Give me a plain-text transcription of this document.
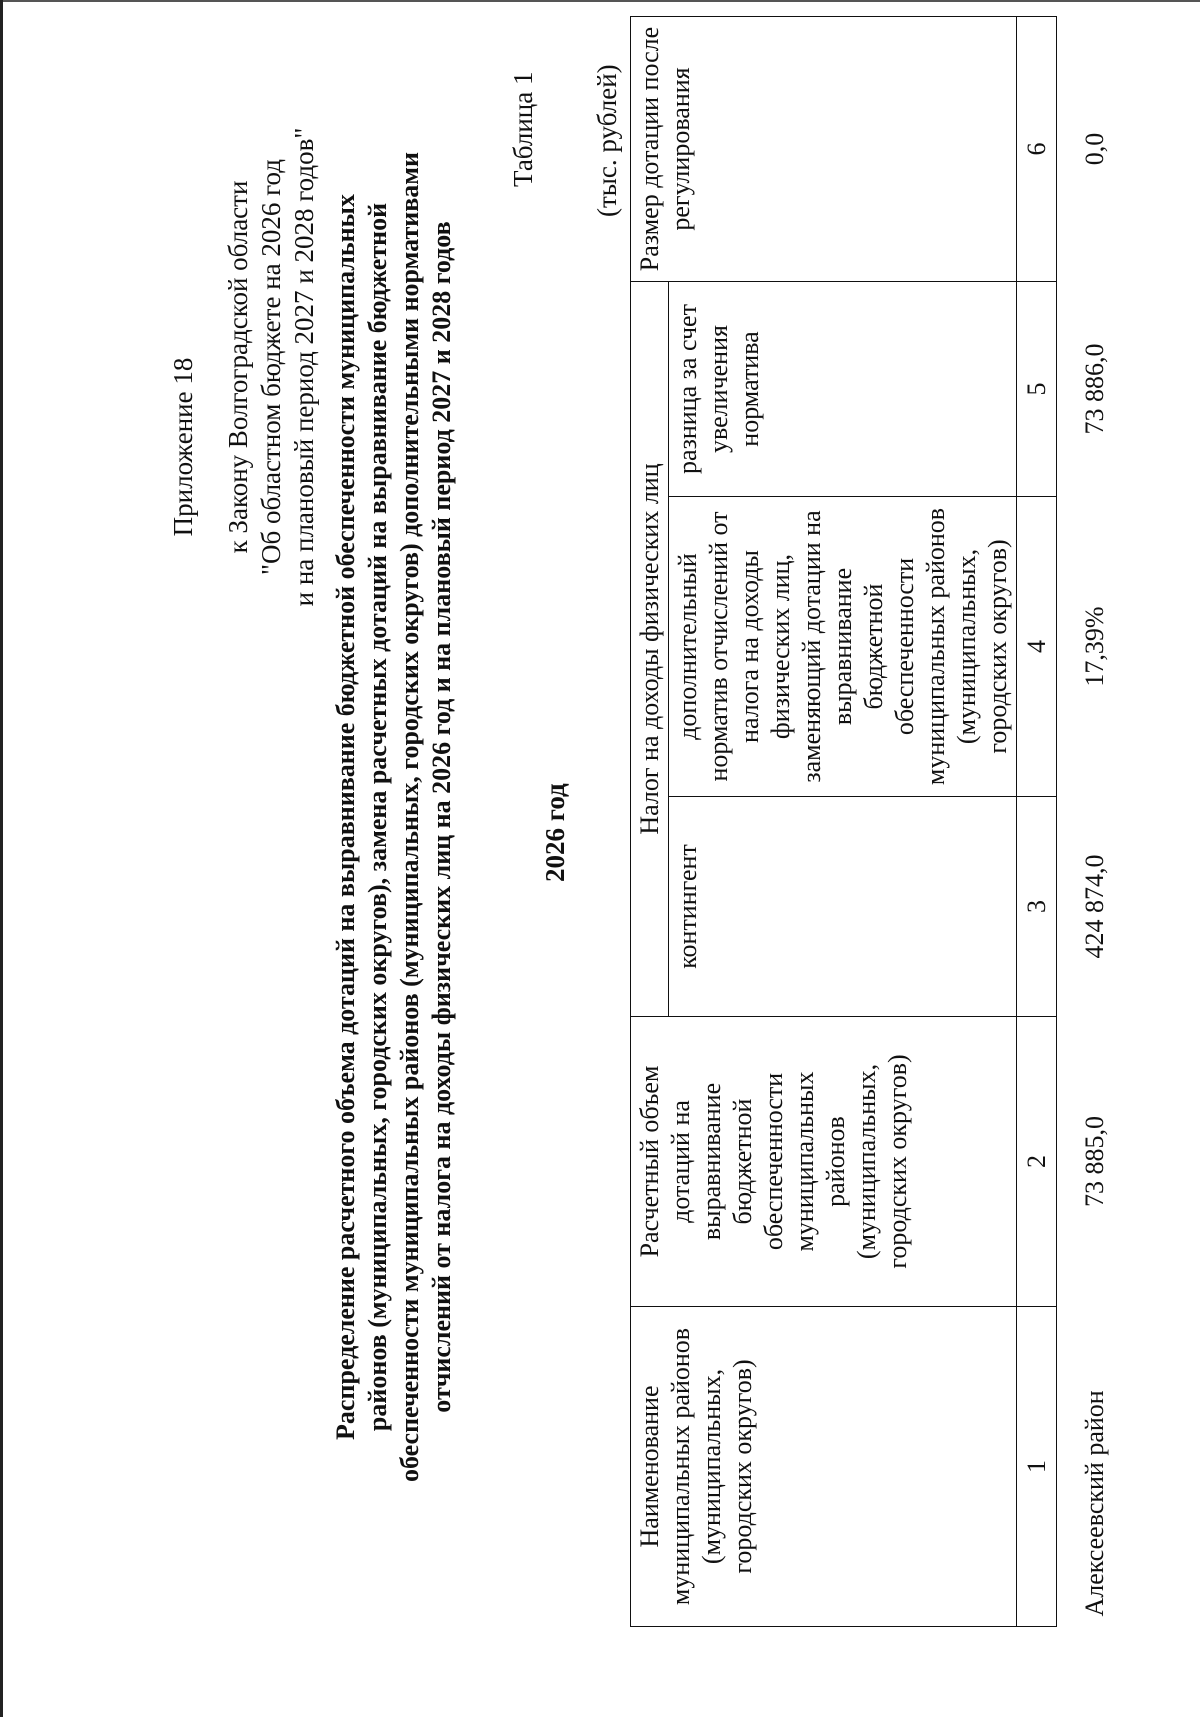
Приложение 18 к Закону Волгоградской области "Об областном бюджете на 2026 год и на плановый период 2027 и 2028 годов" Распределение расчетного объема дотаций на выравнивание бюджетной обеспеченности муниципальных районов (муниципальных, городских округов), замена расчетных дотаций на выравнивание бюджетной обеспеченности муниципальных районов (муниципальных, городских округов) дополнительными нормативами отчислений от налога на доходы физических лиц на 2026 год и на плановый период 2027 и 2028 годов
Таблица 1
2026 год
(тыс. рублей)
Наименование муниципальных районов (муниципальных, городских округов)	Расчетный объем дотаций на выравнивание бюджетной обеспеченности муниципальных районов (муниципальных, городских округов)	Налог на доходы физических лиц			Размер дотации после регулирования
		контингент	дополнительный норматив отчислений от налога на доходы физических лиц, заменяющий дотации на выравнивание бюджетной обеспеченности муниципальных районов (муниципальных, городских округов)	разница за счет увеличения норматива	
1	2	3	4	5	6
Алексеевский район	73 885,0	424 874,0	17,39%	73 886,0	0,0
